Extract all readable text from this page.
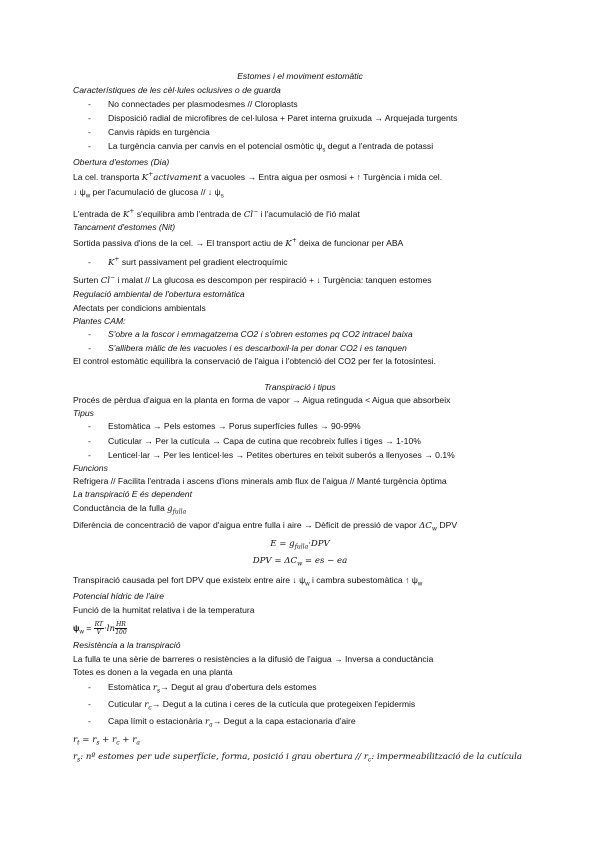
Estomes i el moviment estomàtic
Característiques de les cèl·lules oclusives o de guarda
- No connectades per plasmodesmes // Cloroplasts
- Disposició radial de microfibres de cel·lulosa + Paret interna gruixuda → Arquejada turgents
- Canvis ràpids en turgència
- La turgència canvia per canvis en el potencial osmòtic $\psi_s$ degut a l'entrada de potassi
Obertura d'estomes (Dia)
La cel. transporta K+activament a vacuoles → Entra aigua per osmosi + ↑ Turgència i mida cel.
↓ $\psi_w$ per l'acumulació de glucosa // ↓ $\psi_s$
L'entrada de K+ s'equilibra amb l'entrada de Cl− i l'acumulació de l'ió malat
Tancament d'estomes (Nit)
Sortida passiva d'ions de la cel. → El transport actiu de K+ deixa de funcionar per ABA
- K+ surt passivament pel gradient electroquímic
Surten Cl− i malat // La glucosa es descompon per respiració + ↓ Turgència: tanquen estomes
Regulació ambiental de l'obertura estomàtica
Afectats per condicions ambientals
Plantes CAM:
- S'obre a la foscor i emmagatzema CO2 i s'obren estomes pq CO2 intracel baixa
- S'allibera màlic de les vacuoles i es descarboxil·la per donar CO2 i es tanquen
El control estomàtic equilibra la conservació de l'aigua i l'obtenció del CO2 per fer la fotosíntesi.
Transpiració i tipus
Procés de pèrdua d'aigua en la planta en forma de vapor → Aigua retinguda < Aigua que absorbeix
Tipus
- Estomàtica → Pels estomes → Porus superfícies fulles → 90-99%
- Cuticular → Per la cutícula → Capa de cutina que recobreix fulles i tiges → 1-10%
- Lenticel·lar → Per les lenticel·les → Petites obertures en teixit suberós a llenyoses → 0.1%
Funcions
Refrigera // Facilita l'entrada i ascens d'ions minerals amb flux de l'aigua // Manté turgència òptima
La transpiració E és dependent
Conductància de la fulla $g_{fulla}$
Diferència de concentració de vapor d'aigua entre fulla i aire → Dèficit de pressió de vapor $\Delta C_w$ DPV
$E = g_{fulla}\cdot DPV$
DPV = $\Delta C_w$ = es − ea
Transpiració causada pel fort DPV que existeix entre aire ↓ $\psi_w$ i cambra subestomàtica ↑ $\psi_w$
Potencial hídric de l'aire
Funció de la humitat relativa i de la temperatura
$\psi_w = \frac{RT}{V} \cdot\ln \frac{HR}{100}$
Resistència a la transpiració
La fulla te una sèrie de barreres o resistències a la difusió de l'aigua → Inversa a conductància
Totes es donen a la vegada en una planta
- Estomàtica $r_s\to$ Degut al grau d'obertura dels estomes
- Cuticular $r_c\to$ Degut a la cutina i ceres de la cutícula que protegeixen l'epidermis
- Capa límit o estacionària $r_a\to$ Degut a la capa estacionaria d'aire
$r_t = r_s + r_c + r_a$
$r_s$: nº estomes per ude superfície, forma, posició i grau obertura // $r_c$: impermeabilització de la cutícula
